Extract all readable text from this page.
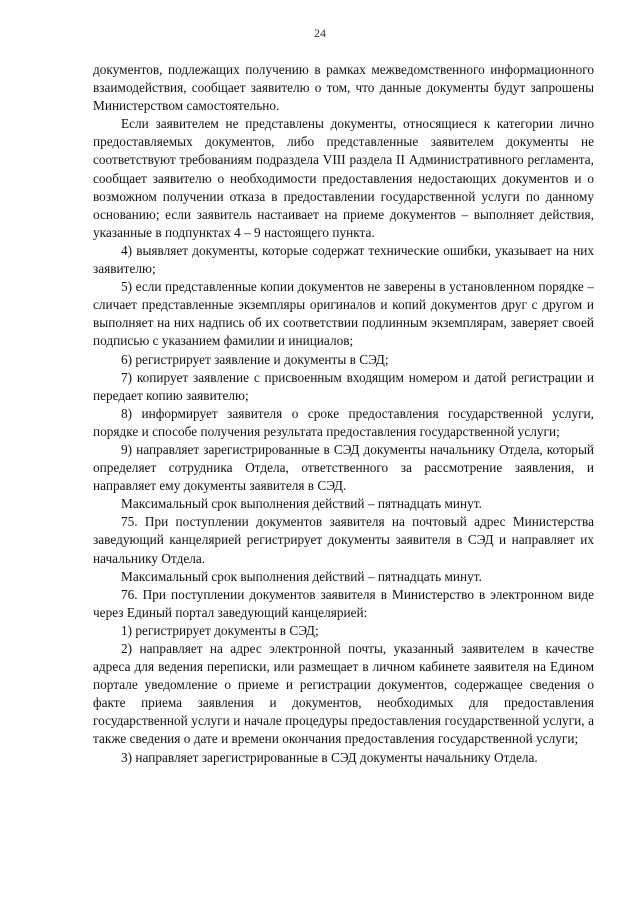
24

документов, подлежащих получению в рамках межведомственного информационного взаимодействия, сообщает заявителю о том, что данные документы будут запрошены Министерством самостоятельно.

Если заявителем не представлены документы, относящиеся к категории лично предоставляемых документов, либо представленные заявителем документы не соответствуют требованиям подраздела VIII раздела II Административного регламента, сообщает заявителю о необходимости предоставления недостающих документов и о возможном получении отказа в предоставлении государственной услуги по данному основанию; если заявитель настаивает на приеме документов – выполняет действия, указанные в подпунктах 4 – 9 настоящего пункта.

4) выявляет документы, которые содержат технические ошибки, указывает на них заявителю;

5) если представленные копии документов не заверены в установленном порядке – сличает представленные экземпляры оригиналов и копий документов друг с другом и выполняет на них надпись об их соответствии подлинным экземплярам, заверяет своей подписью с указанием фамилии и инициалов;

6) регистрирует заявление и документы в СЭД;

7) копирует заявление с присвоенным входящим номером и датой регистрации и передает копию заявителю;

8) информирует заявителя о сроке предоставления государственной услуги, порядке и способе получения результата предоставления государственной услуги;

9) направляет зарегистрированные в СЭД документы начальнику Отдела, который определяет сотрудника Отдела, ответственного за рассмотрение заявления, и направляет ему документы заявителя в СЭД.

Максимальный срок выполнения действий – пятнадцать минут.

75. При поступлении документов заявителя на почтовый адрес Министерства заведующий канцелярией регистрирует документы заявителя в СЭД и направляет их начальнику Отдела.

Максимальный срок выполнения действий – пятнадцать минут.

76. При поступлении документов заявителя в Министерство в электронном виде через Единый портал заведующий канцелярией:

1) регистрирует документы в СЭД;

2) направляет на адрес электронной почты, указанный заявителем в качестве адреса для ведения переписки, или размещает в личном кабинете заявителя на Едином портале уведомление о приеме и регистрации документов, содержащее сведения о факте приема заявления и документов, необходимых для предоставления государственной услуги и начале процедуры предоставления государственной услуги, а также сведения о дате и времени окончания предоставления государственной услуги;

3) направляет зарегистрированные в СЭД документы начальнику Отдела.
